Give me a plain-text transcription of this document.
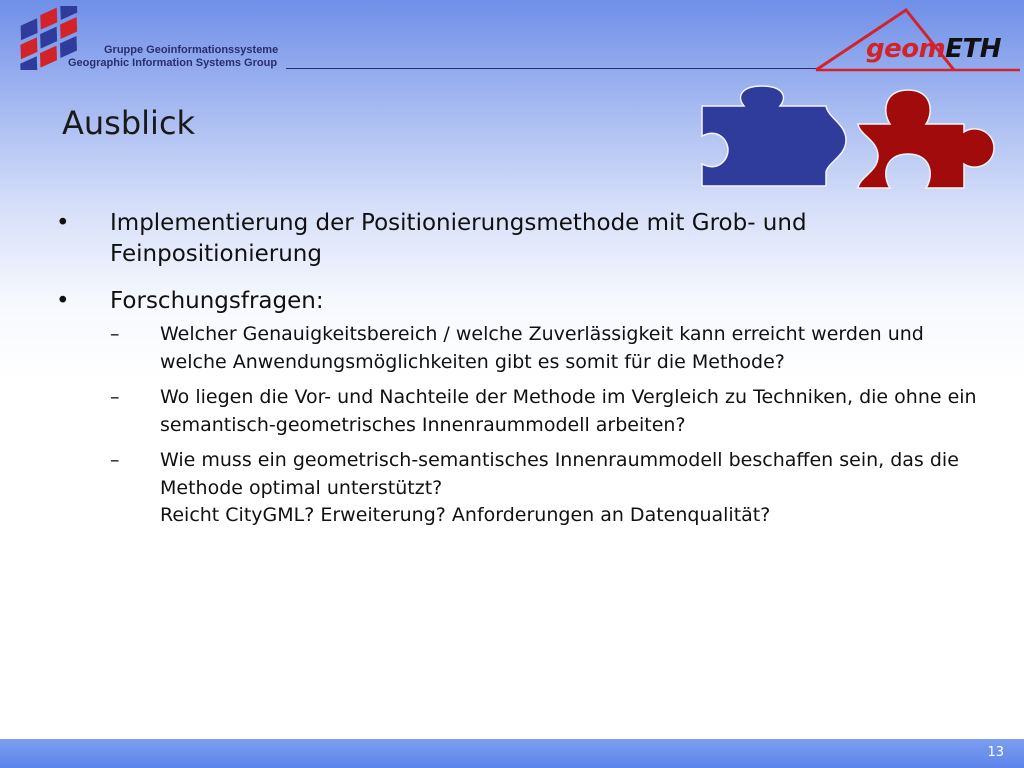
Gruppe Geoinformationssysteme
Geographic Information Systems Group	geomETH
Ausblick
• Implementierung der Positionierungsmethode mit Grob- und Feinpositionierung
• Forschungsfragen:
–	Welcher Genauigkeitsbereich / welche Zuverlässigkeit kann erreicht werden und welche Anwendungsmöglichkeiten gibt es somit für die Methode?
–	Wo liegen die Vor- und Nachteile der Methode im Vergleich zu Techniken, die ohne ein semantisch-geometrisches Innenraummodell arbeiten?
–	Wie muss ein geometrisch-semantisches Innenraummodell beschaffen sein, das die Methode optimal unterstützt?
Reicht CityGML? Erweiterung? Anforderungen an Datenqualität?
13
